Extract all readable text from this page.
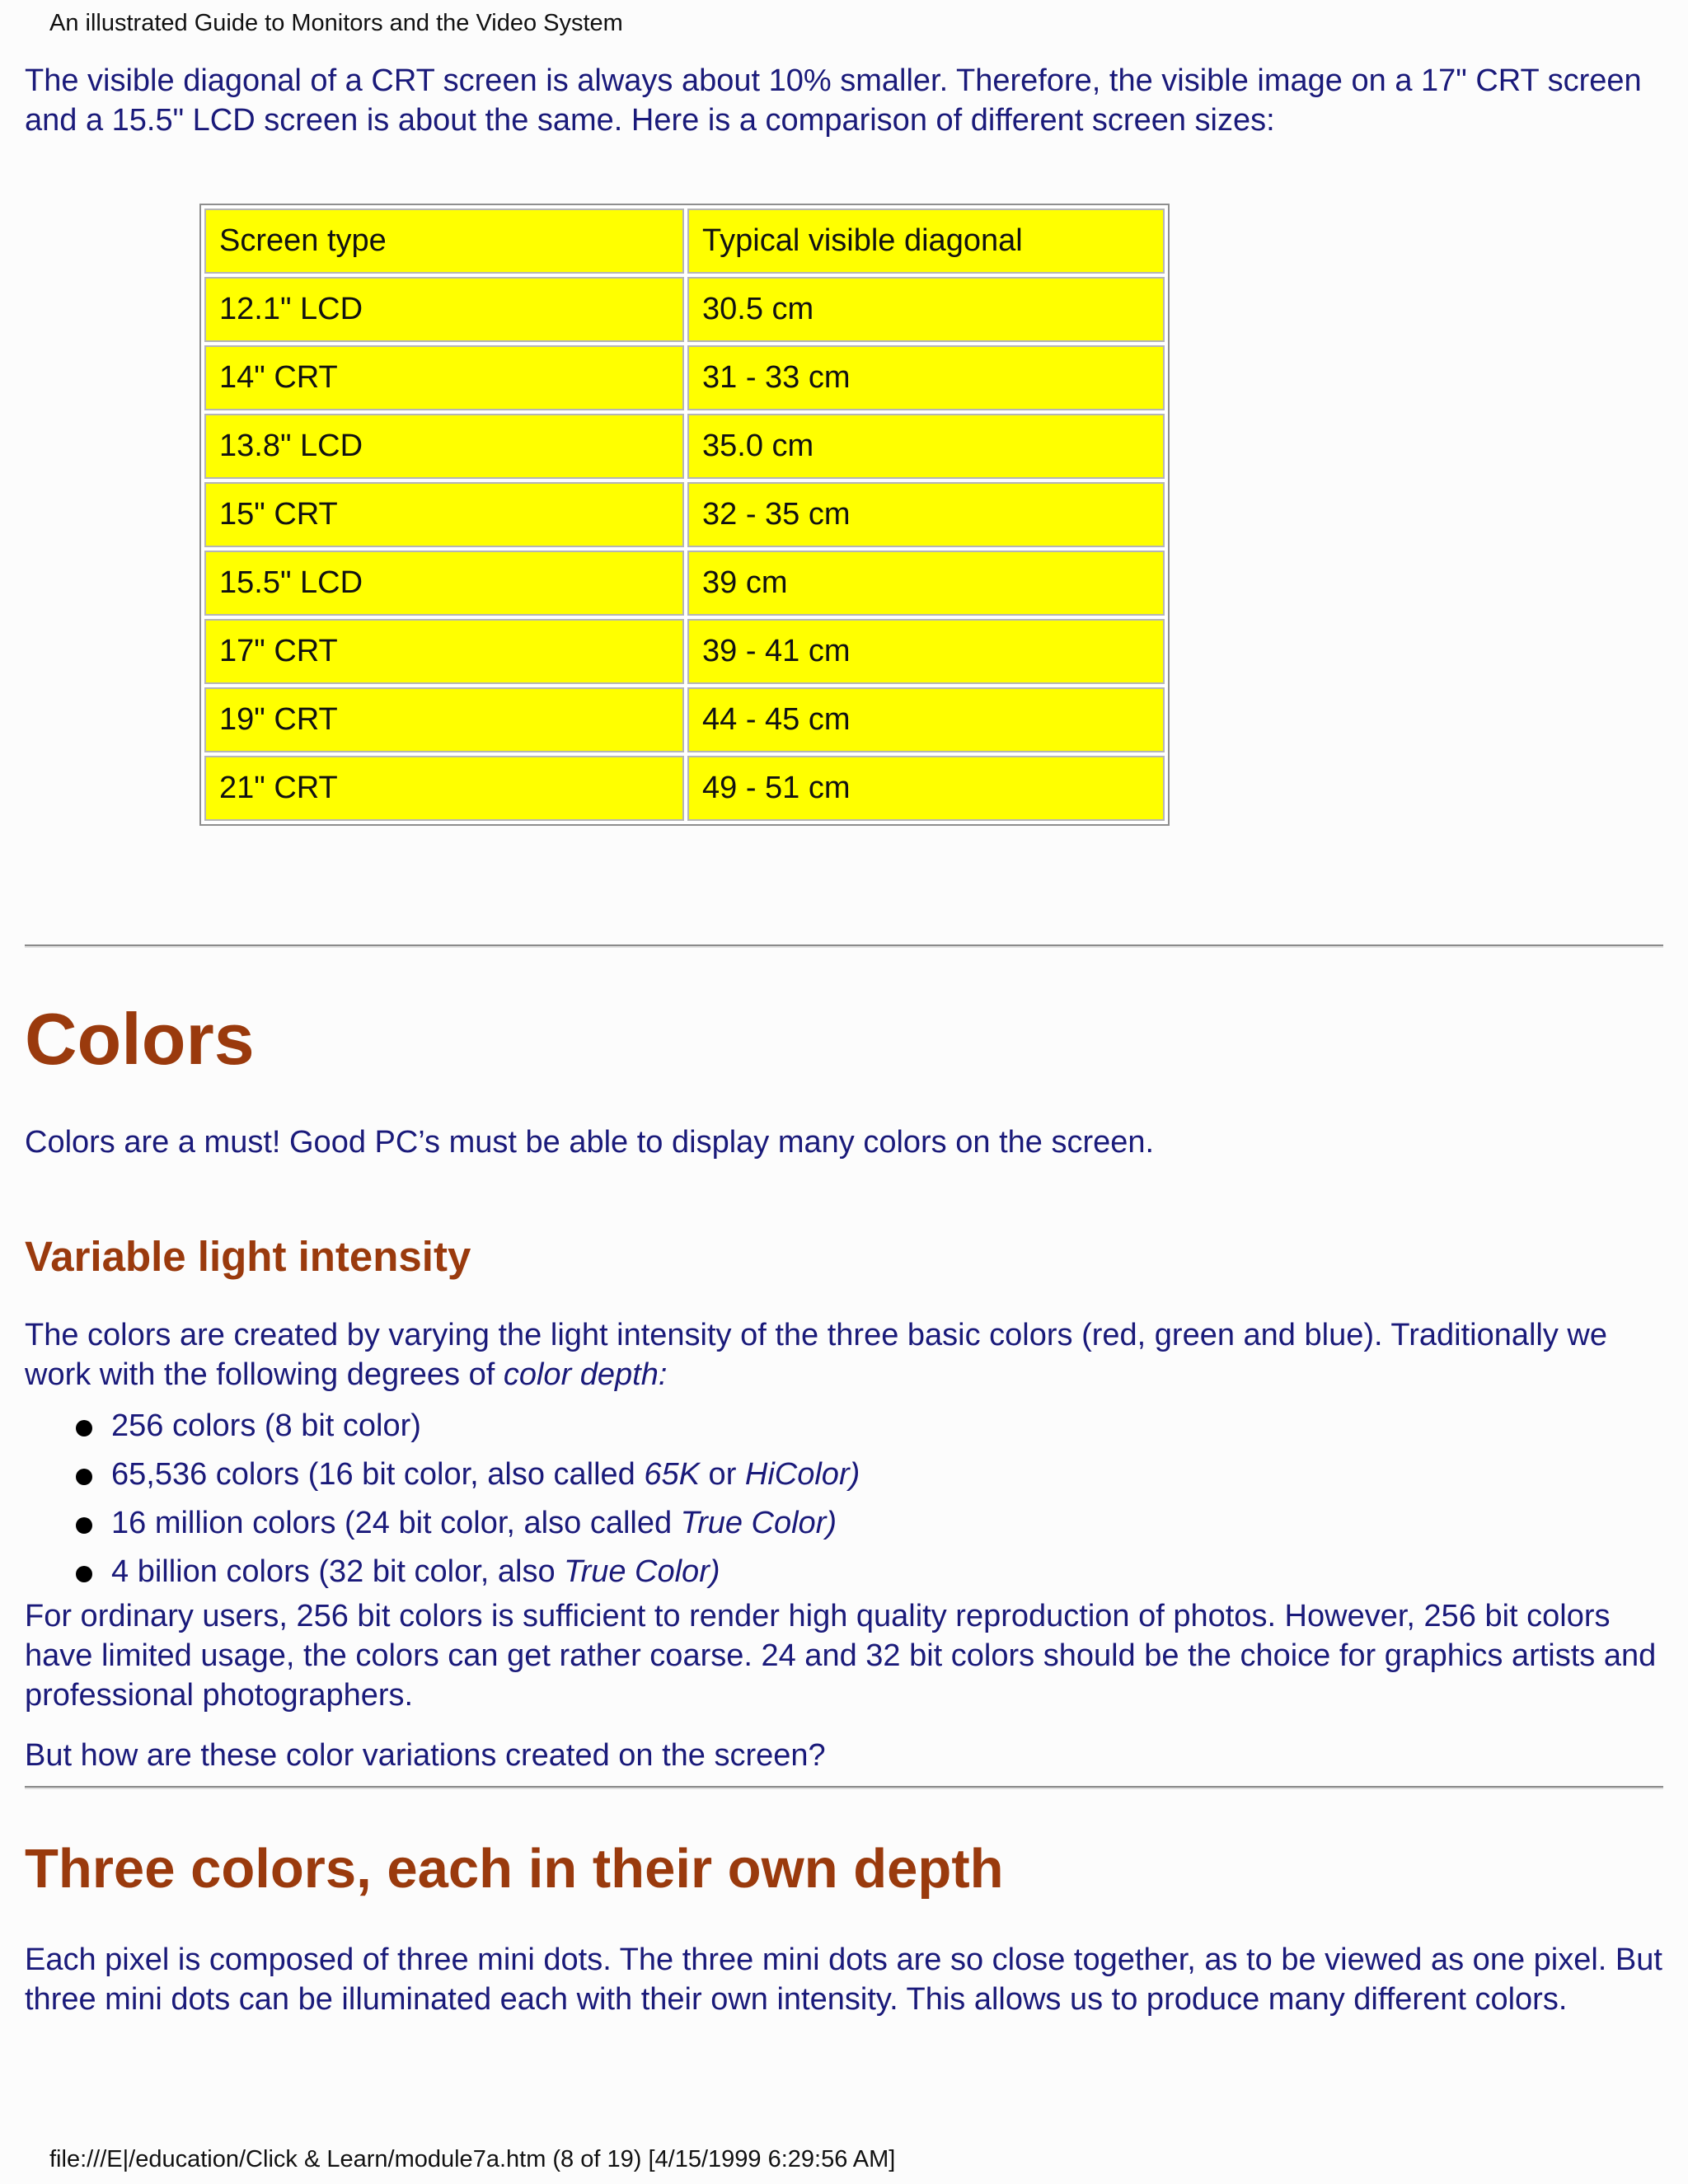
An illustrated Guide to Monitors and the Video System

The visible diagonal of a CRT screen is always about 10% smaller. Therefore, the visible image on a 17" CRT screen and a 15.5" LCD screen is about the same. Here is a comparison of different screen sizes:

Screen type	Typical visible diagonal
12.1" LCD	30.5 cm
14" CRT	31 - 33 cm
13.8" LCD	35.0 cm
15" CRT	32 - 35 cm
15.5" LCD	39 cm
17" CRT	39 - 41 cm
19" CRT	44 - 45 cm
21" CRT	49 - 51 cm
Colors

Colors are a must! Good PC’s must be able to display many colors on the screen.

Variable light intensity

The colors are created by varying the light intensity of the three basic colors (red, green and blue). Traditionally we work with the following degrees of color depth:

256 colors (8 bit color)
65,536 colors (16 bit color, also called 65K or HiColor)
16 million colors (24 bit color, also called True Color)
4 billion colors (32 bit color, also True Color)

For ordinary users, 256 bit colors is sufficient to render high quality reproduction of photos. However, 256 bit colors have limited usage, the colors can get rather coarse. 24 and 32 bit colors should be the choice for graphics artists and professional photographers.

But how are these color variations created on the screen?

Three colors, each in their own depth

Each pixel is composed of three mini dots. The three mini dots are so close together, as to be viewed as one pixel. But three mini dots can be illuminated each with their own intensity. This allows us to produce many different colors.

file:///E|/education/Click & Learn/module7a.htm (8 of 19) [4/15/1999 6:29:56 AM]
